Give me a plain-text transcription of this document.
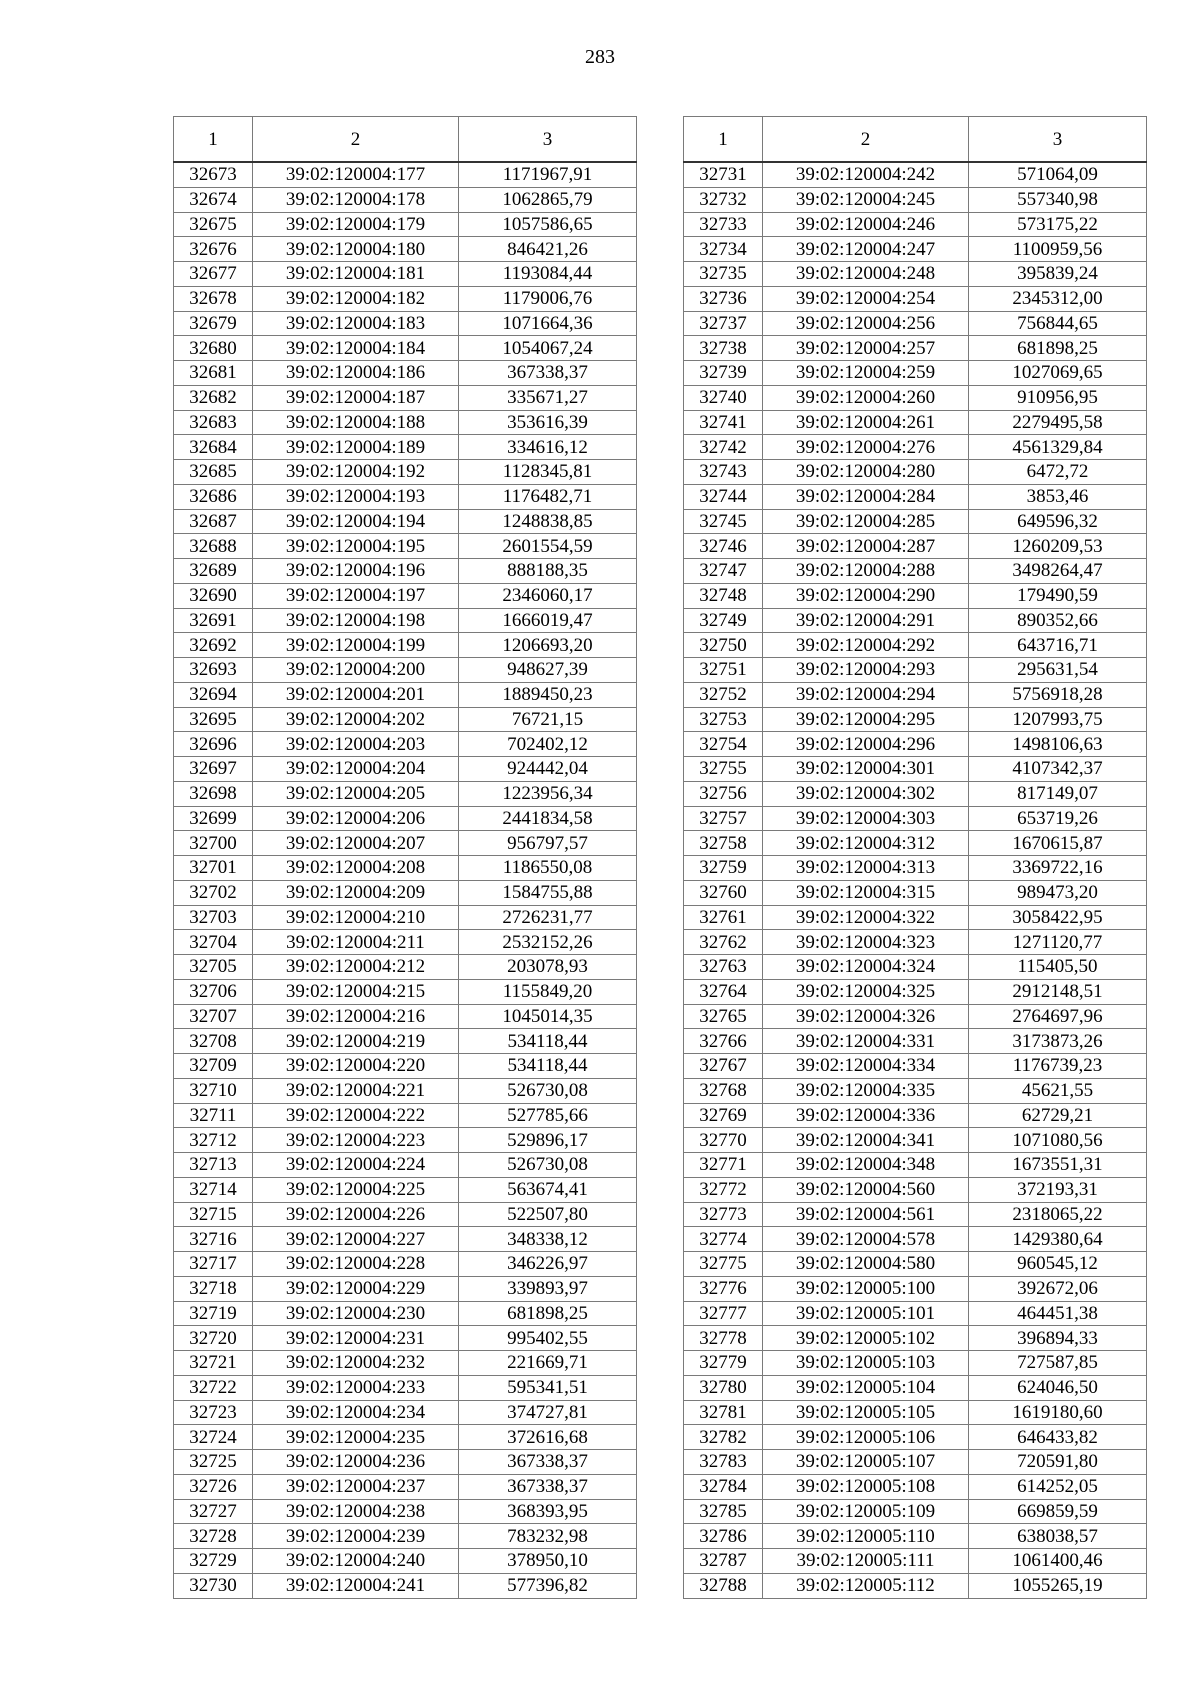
283
1	2	3
32673	39:02:120004:177	1171967,91
32674	39:02:120004:178	1062865,79
32675	39:02:120004:179	1057586,65
32676	39:02:120004:180	846421,26
32677	39:02:120004:181	1193084,44
32678	39:02:120004:182	1179006,76
32679	39:02:120004:183	1071664,36
32680	39:02:120004:184	1054067,24
32681	39:02:120004:186	367338,37
32682	39:02:120004:187	335671,27
32683	39:02:120004:188	353616,39
32684	39:02:120004:189	334616,12
32685	39:02:120004:192	1128345,81
32686	39:02:120004:193	1176482,71
32687	39:02:120004:194	1248838,85
32688	39:02:120004:195	2601554,59
32689	39:02:120004:196	888188,35
32690	39:02:120004:197	2346060,17
32691	39:02:120004:198	1666019,47
32692	39:02:120004:199	1206693,20
32693	39:02:120004:200	948627,39
32694	39:02:120004:201	1889450,23
32695	39:02:120004:202	76721,15
32696	39:02:120004:203	702402,12
32697	39:02:120004:204	924442,04
32698	39:02:120004:205	1223956,34
32699	39:02:120004:206	2441834,58
32700	39:02:120004:207	956797,57
32701	39:02:120004:208	1186550,08
32702	39:02:120004:209	1584755,88
32703	39:02:120004:210	2726231,77
32704	39:02:120004:211	2532152,26
32705	39:02:120004:212	203078,93
32706	39:02:120004:215	1155849,20
32707	39:02:120004:216	1045014,35
32708	39:02:120004:219	534118,44
32709	39:02:120004:220	534118,44
32710	39:02:120004:221	526730,08
32711	39:02:120004:222	527785,66
32712	39:02:120004:223	529896,17
32713	39:02:120004:224	526730,08
32714	39:02:120004:225	563674,41
32715	39:02:120004:226	522507,80
32716	39:02:120004:227	348338,12
32717	39:02:120004:228	346226,97
32718	39:02:120004:229	339893,97
32719	39:02:120004:230	681898,25
32720	39:02:120004:231	995402,55
32721	39:02:120004:232	221669,71
32722	39:02:120004:233	595341,51
32723	39:02:120004:234	374727,81
32724	39:02:120004:235	372616,68
32725	39:02:120004:236	367338,37
32726	39:02:120004:237	367338,37
32727	39:02:120004:238	368393,95
32728	39:02:120004:239	783232,98
32729	39:02:120004:240	378950,10
32730	39:02:120004:241	577396,82
1	2	3
32731	39:02:120004:242	571064,09
32732	39:02:120004:245	557340,98
32733	39:02:120004:246	573175,22
32734	39:02:120004:247	1100959,56
32735	39:02:120004:248	395839,24
32736	39:02:120004:254	2345312,00
32737	39:02:120004:256	756844,65
32738	39:02:120004:257	681898,25
32739	39:02:120004:259	1027069,65
32740	39:02:120004:260	910956,95
32741	39:02:120004:261	2279495,58
32742	39:02:120004:276	4561329,84
32743	39:02:120004:280	6472,72
32744	39:02:120004:284	3853,46
32745	39:02:120004:285	649596,32
32746	39:02:120004:287	1260209,53
32747	39:02:120004:288	3498264,47
32748	39:02:120004:290	179490,59
32749	39:02:120004:291	890352,66
32750	39:02:120004:292	643716,71
32751	39:02:120004:293	295631,54
32752	39:02:120004:294	5756918,28
32753	39:02:120004:295	1207993,75
32754	39:02:120004:296	1498106,63
32755	39:02:120004:301	4107342,37
32756	39:02:120004:302	817149,07
32757	39:02:120004:303	653719,26
32758	39:02:120004:312	1670615,87
32759	39:02:120004:313	3369722,16
32760	39:02:120004:315	989473,20
32761	39:02:120004:322	3058422,95
32762	39:02:120004:323	1271120,77
32763	39:02:120004:324	115405,50
32764	39:02:120004:325	2912148,51
32765	39:02:120004:326	2764697,96
32766	39:02:120004:331	3173873,26
32767	39:02:120004:334	1176739,23
32768	39:02:120004:335	45621,55
32769	39:02:120004:336	62729,21
32770	39:02:120004:341	1071080,56
32771	39:02:120004:348	1673551,31
32772	39:02:120004:560	372193,31
32773	39:02:120004:561	2318065,22
32774	39:02:120004:578	1429380,64
32775	39:02:120004:580	960545,12
32776	39:02:120005:100	392672,06
32777	39:02:120005:101	464451,38
32778	39:02:120005:102	396894,33
32779	39:02:120005:103	727587,85
32780	39:02:120005:104	624046,50
32781	39:02:120005:105	1619180,60
32782	39:02:120005:106	646433,82
32783	39:02:120005:107	720591,80
32784	39:02:120005:108	614252,05
32785	39:02:120005:109	669859,59
32786	39:02:120005:110	638038,57
32787	39:02:120005:111	1061400,46
32788	39:02:120005:112	1055265,19
